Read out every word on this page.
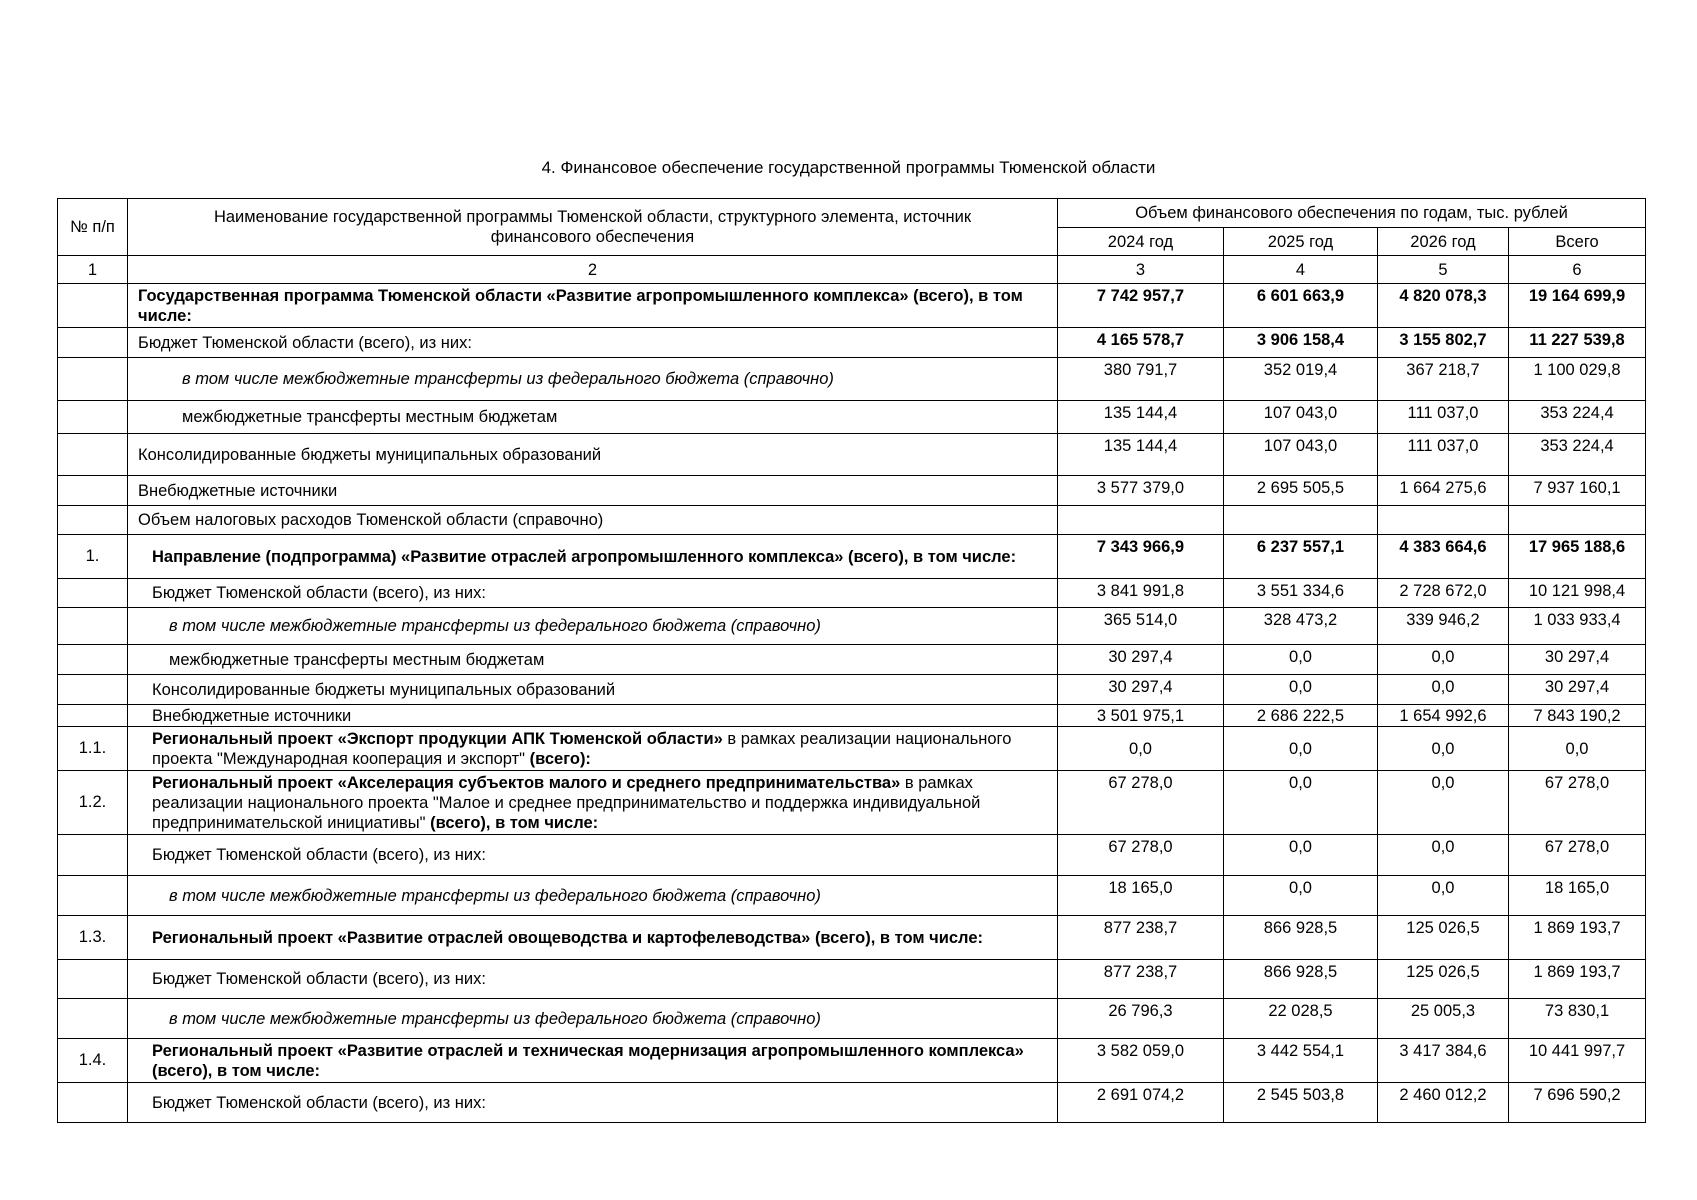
4. Финансовое обеспечение государственной программы Тюменской области
№ п/п	Наименование государственной программы Тюменской области, структурного элемента, источник финансового обеспечения	Объем финансового обеспечения по годам, тыс. рублей			
		2024 год	2025 год	2026 год	Всего
1	2	3	4	5	6
	Государственная программа Тюменской области «Развитие агропромышленного комплекса» (всего), в том числе:	7 742 957,7	6 601 663,9	4 820 078,3	19 164 699,9
	Бюджет Тюменской области (всего), из них:	4 165 578,7	3 906 158,4	3 155 802,7	11 227 539,8
	в том числе межбюджетные трансферты из федерального бюджета (справочно)	380 791,7	352 019,4	367 218,7	1 100 029,8
	межбюджетные трансферты местным бюджетам	135 144,4	107 043,0	111 037,0	353 224,4
	Консолидированные бюджеты муниципальных образований	135 144,4	107 043,0	111 037,0	353 224,4
	Внебюджетные источники	3 577 379,0	2 695 505,5	1 664 275,6	7 937 160,1
	Объем налоговых расходов Тюменской области (справочно)				
1.	Направление (подпрограмма) «Развитие отраслей агропромышленного комплекса» (всего), в том числе:	7 343 966,9	6 237 557,1	4 383 664,6	17 965 188,6
	Бюджет Тюменской области (всего), из них:	3 841 991,8	3 551 334,6	2 728 672,0	10 121 998,4
	в том числе межбюджетные трансферты из федерального бюджета (справочно)	365 514,0	328 473,2	339 946,2	1 033 933,4
	межбюджетные трансферты местным бюджетам	30 297,4	0,0	0,0	30 297,4
	Консолидированные бюджеты муниципальных образований	30 297,4	0,0	0,0	30 297,4
	Внебюджетные источники	3 501 975,1	2 686 222,5	1 654 992,6	7 843 190,2
1.1.	Региональный проект «Экспорт продукции АПК Тюменской области» в рамках реализации национального проекта "Международная кооперация и экспорт" (всего):	0,0	0,0	0,0	0,0
1.2.	Региональный проект «Акселерация субъектов малого и среднего предпринимательства» в рамках реализации национального проекта "Малое и среднее предпринимательство и поддержка индивидуальной предпринимательской инициативы" (всего), в том числе:	67 278,0	0,0	0,0	67 278,0
	Бюджет Тюменской области (всего), из них:	67 278,0	0,0	0,0	67 278,0
	в том числе межбюджетные трансферты из федерального бюджета (справочно)	18 165,0	0,0	0,0	18 165,0
1.3.	Региональный проект «Развитие отраслей овощеводства и картофелеводства» (всего), в том числе:	877 238,7	866 928,5	125 026,5	1 869 193,7
	Бюджет Тюменской области (всего), из них:	877 238,7	866 928,5	125 026,5	1 869 193,7
	в том числе межбюджетные трансферты из федерального бюджета (справочно)	26 796,3	22 028,5	25 005,3	73 830,1
1.4.	Региональный проект «Развитие отраслей и техническая модернизация агропромышленного комплекса» (всего), в том числе:	3 582 059,0	3 442 554,1	3 417 384,6	10 441 997,7
	Бюджет Тюменской области (всего), из них:	2 691 074,2	2 545 503,8	2 460 012,2	7 696 590,2
